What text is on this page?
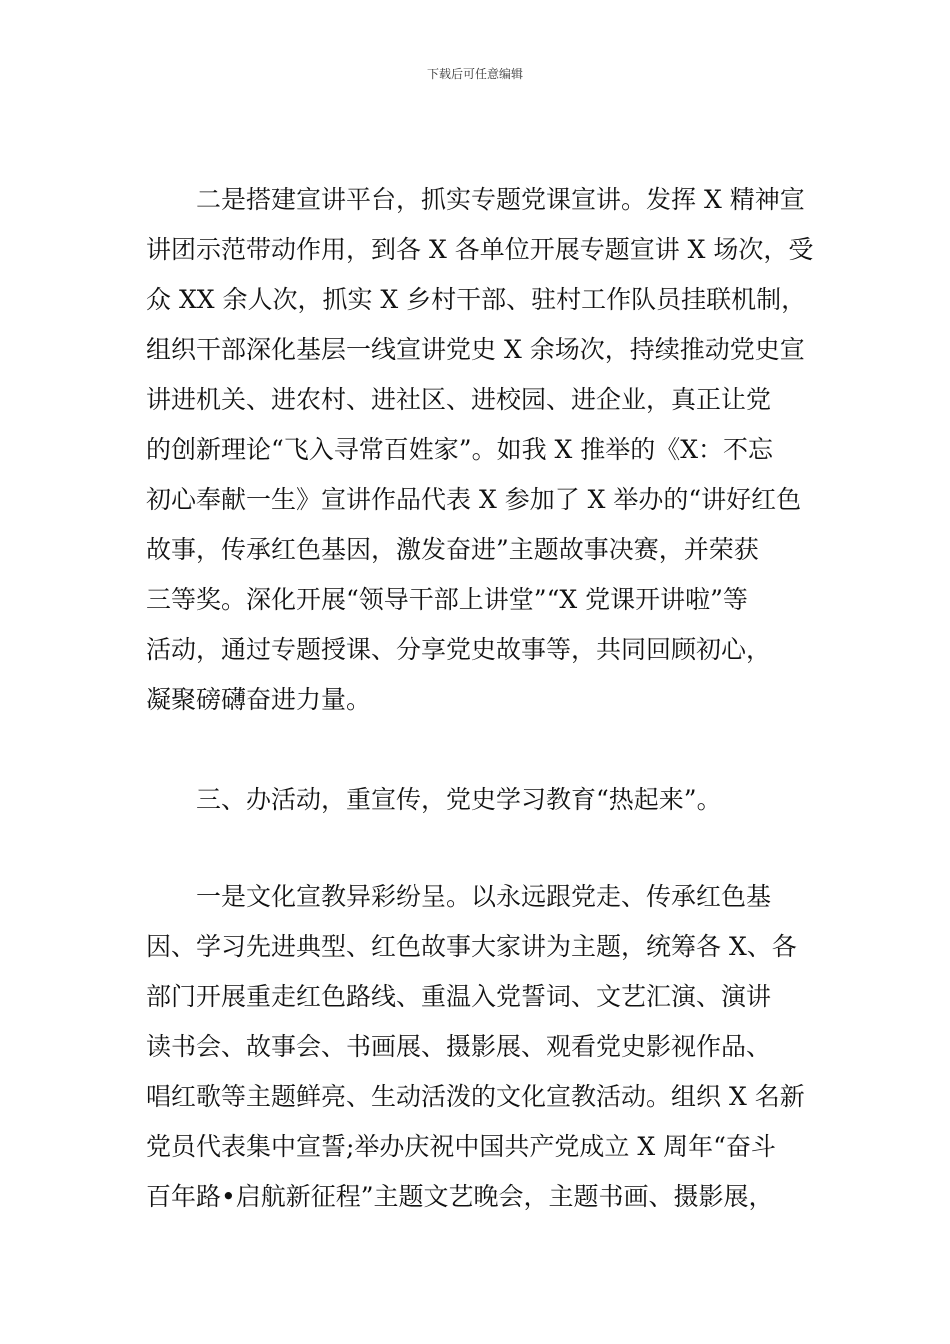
下载后可任意编辑
二是搭建宣讲平台，抓实专题党课宣讲。发挥 X 精神宣
讲团示范带动作用，到各 X 各单位开展专题宣讲 X 场次，受
众 XX 余人次，抓实 X 乡村干部、驻村工作队员挂联机制，
组织干部深化基层一线宣讲党史 X 余场次，持续推动党史宣
讲进机关、进农村、进社区、进校园、进企业，真正让党
的创新理论“飞入寻常百姓家”。如我 X 推举的《X：不忘
初心奉献一生》宣讲作品代表 X 参加了 X 举办的“讲好红色
故事，传承红色基因，激发奋进”主题故事决赛，并荣获
三等奖。深化开展“领导干部上讲堂”“X 党课开讲啦”等
活动，通过专题授课、分享党史故事等，共同回顾初心，
凝聚磅礴奋进力量。
三、办活动，重宣传，党史学习教育“热起来”。
一是文化宣教异彩纷呈。以永远跟党走、传承红色基
因、学习先进典型、红色故事大家讲为主题，统筹各 X、各
部门开展重走红色路线、重温入党誓词、文艺汇演、演讲
读书会、故事会、书画展、摄影展、观看党史影视作品、
唱红歌等主题鲜亮、生动活泼的文化宣教活动。组织 X 名新
党员代表集中宣誓;举办庆祝中国共产党成立 X 周年“奋斗
百年路•启航新征程”主题文艺晚会，主题书画、摄影展，
